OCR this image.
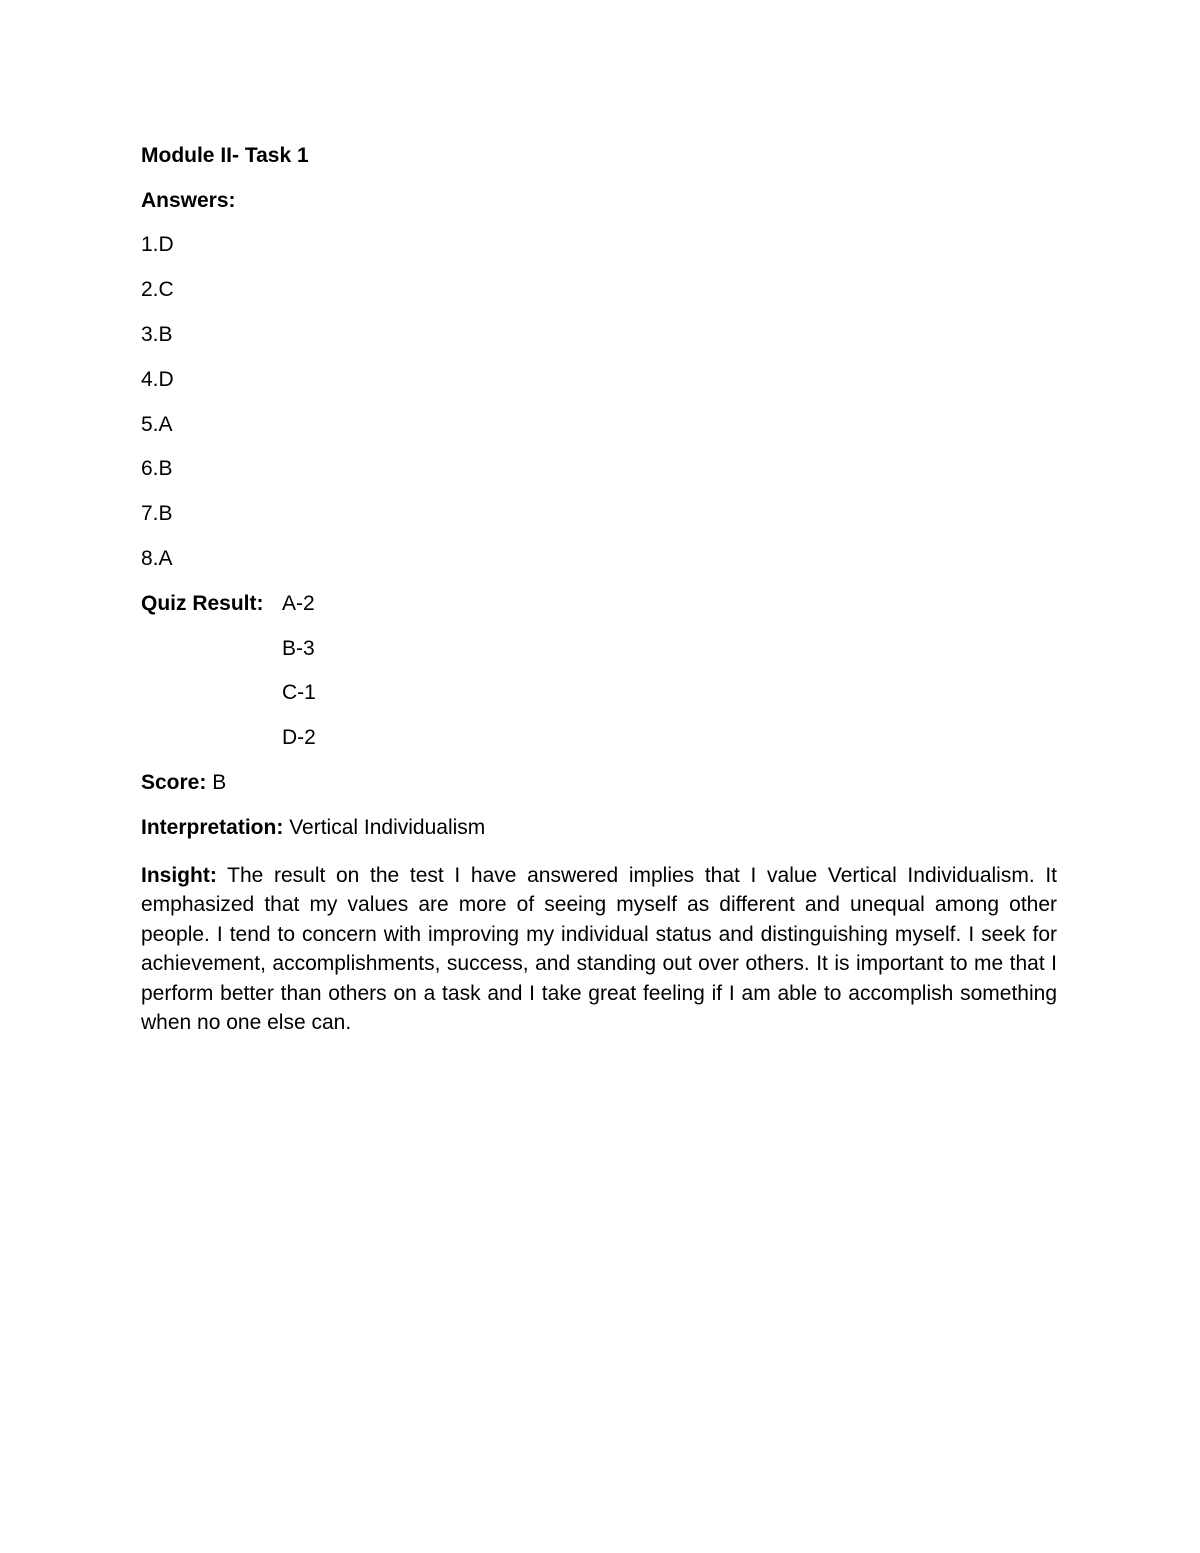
Module II- Task 1
Answers:
1.D
2.C
3.B
4.D
5.A
6.B
7.B
8.A
Quiz Result: A-2
B-3
C-1
D-2
Score: B
Interpretation: Vertical Individualism
Insight: The result on the test I have answered implies that I value Vertical Individualism. It emphasized that my values are more of seeing myself as different and unequal among other people. I tend to concern with improving my individual status and distinguishing myself. I seek for achievement, accomplishments, success, and standing out over others. It is important to me that I perform better than others on a task and I take great feeling if I am able to accomplish something when no one else can.
